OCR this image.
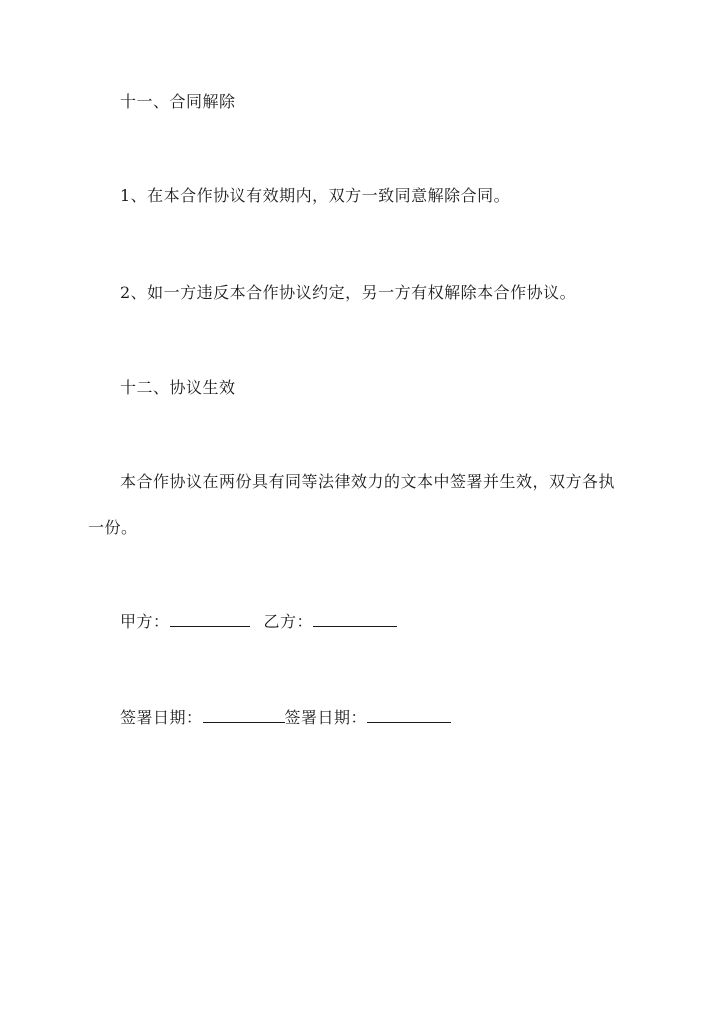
十一、合同解除
1、在本合作协议有效期内，双方一致同意解除合同。
2、如一方违反本合作协议约定，另一方有权解除本合作协议。
十二、协议生效
本合作协议在两份具有同等法律效力的文本中签署并生效，双方各执
一份。
甲方：	乙方：
签署日期：	签署日期：
